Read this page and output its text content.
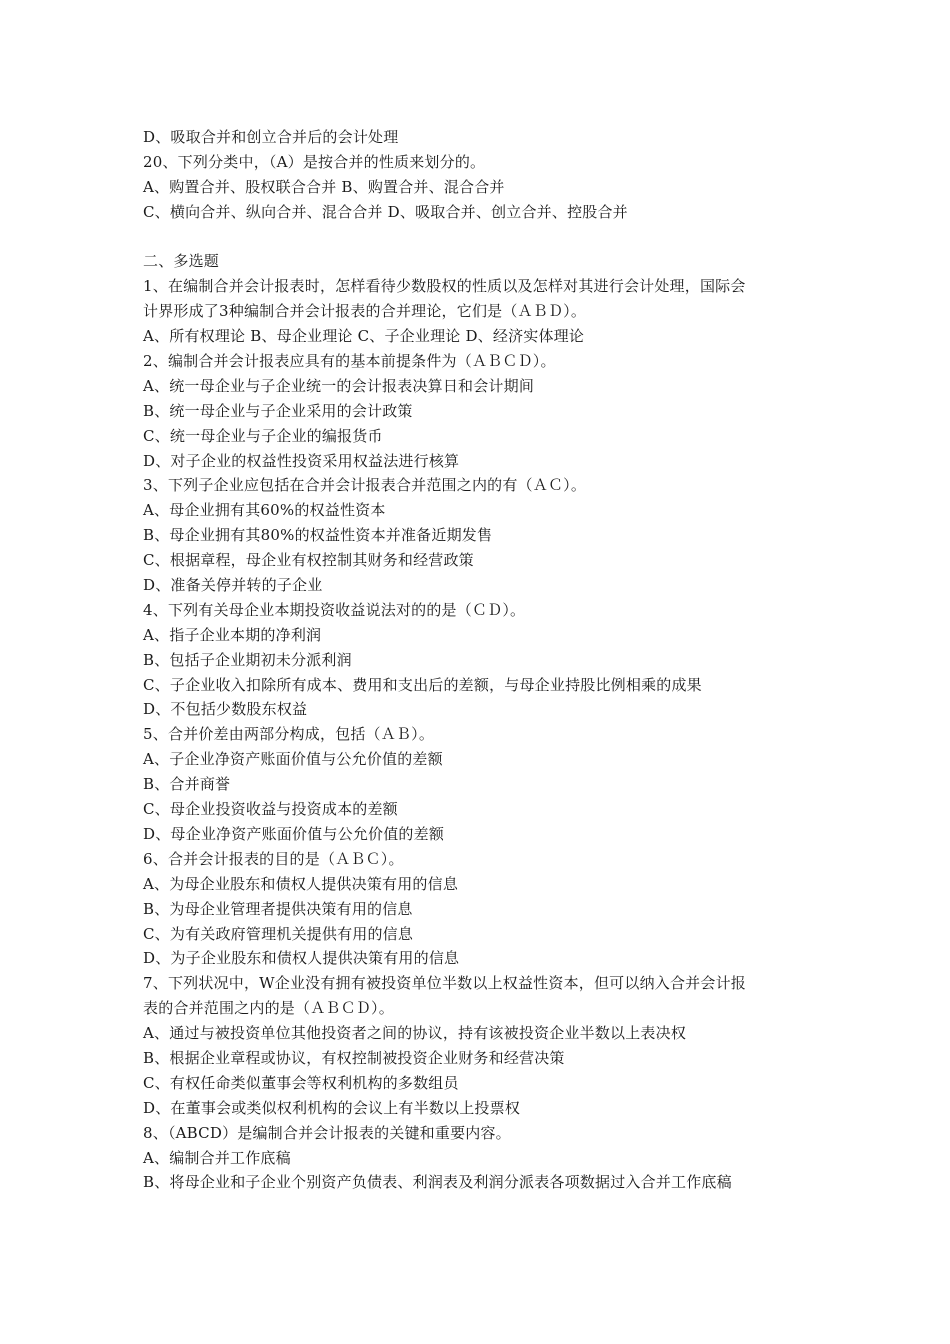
D、吸取合并和创立合并后的会计处理
20、下列分类中，（A）是按合并的性质来划分的。
A、购置合并、股权联合合并 B、购置合并、混合合并
C、横向合并、纵向合并、混合合并 D、吸取合并、创立合并、控股合并
二、多选题
1、在编制合并会计报表时，怎样看待少数股权的性质以及怎样对其进行会计处理，国际会
计界形成了3种编制合并会计报表的合并理论，它们是（ＡＢＤ）。
A、所有权理论 B、母企业理论 C、子企业理论 D、经济实体理论
2、编制合并会计报表应具有的基本前提条件为（ＡＢＣＤ）。
A、统一母企业与子企业统一的会计报表决算日和会计期间
B、统一母企业与子企业采用的会计政策
C、统一母企业与子企业的编报货币
D、对子企业的权益性投资采用权益法进行核算
3、下列子企业应包括在合并会计报表合并范围之内的有（ＡＣ）。
A、母企业拥有其60%的权益性资本
B、母企业拥有其80%的权益性资本并准备近期发售
C、根据章程，母企业有权控制其财务和经营政策
D、准备关停并转的子企业
4、下列有关母企业本期投资收益说法对的的是（ＣＤ）。
A、指子企业本期的净利润
B、包括子企业期初未分派利润
C、子企业收入扣除所有成本、费用和支出后的差额，与母企业持股比例相乘的成果
D、不包括少数股东权益
5、合并价差由两部分构成，包括（ＡＢ）。
A、子企业净资产账面价值与公允价值的差额
B、合并商誉
C、母企业投资收益与投资成本的差额
D、母企业净资产账面价值与公允价值的差额
6、合并会计报表的目的是（ＡＢＣ）。
A、为母企业股东和债权人提供决策有用的信息
B、为母企业管理者提供决策有用的信息
C、为有关政府管理机关提供有用的信息
D、为子企业股东和债权人提供决策有用的信息
7、下列状况中，W企业没有拥有被投资单位半数以上权益性资本，但可以纳入合并会计报
表的合并范围之内的是（ＡＢＣＤ）。
A、通过与被投资单位其他投资者之间的协议，持有该被投资企业半数以上表决权
B、根据企业章程或协议，有权控制被投资企业财务和经营决策
C、有权任命类似董事会等权利机构的多数组员
D、在董事会或类似权利机构的会议上有半数以上投票权
8、（ABCD）是编制合并会计报表的关键和重要内容。
A、编制合并工作底稿
B、将母企业和子企业个别资产负债表、利润表及利润分派表各项数据过入合并工作底稿
